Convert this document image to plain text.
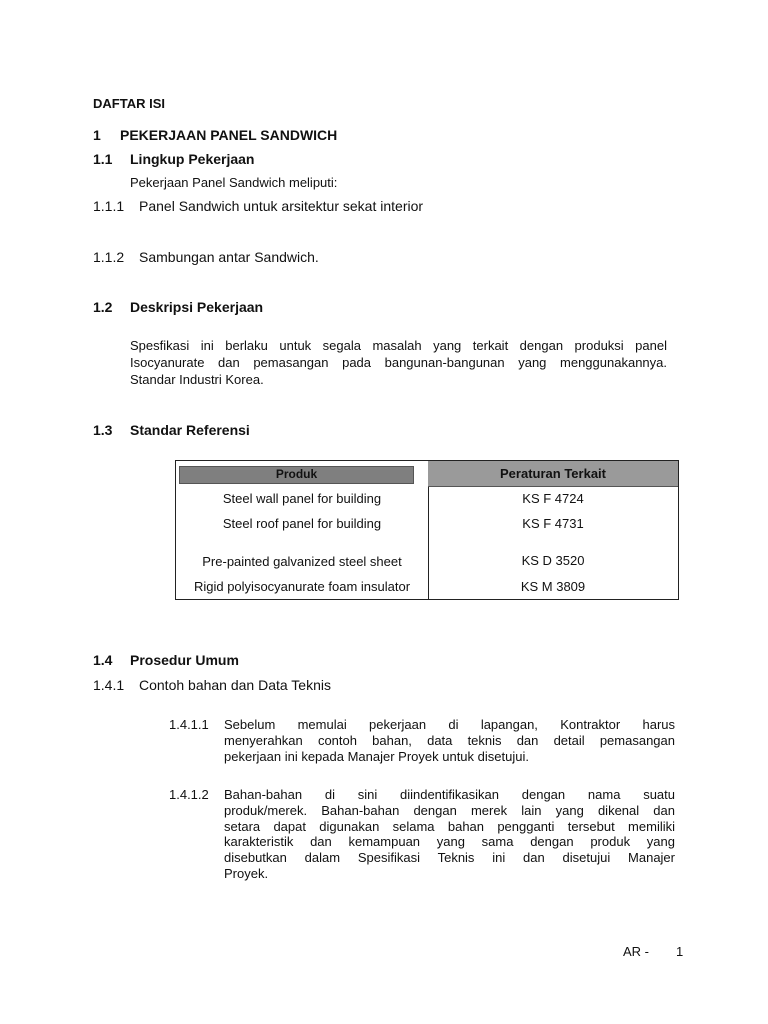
DAFTAR ISI
1 PEKERJAAN PANEL SANDWICH
1.1 Lingkup Pekerjaan
Pekerjaan Panel Sandwich meliputi:
1.1.1 Panel Sandwich untuk arsitektur sekat interior
1.1.2 Sambungan antar Sandwich.
1.2 Deskripsi Pekerjaan
Spesfikasi ini berlaku untuk segala masalah yang terkait dengan produksi panel
Isocyanurate dan pemasangan pada bangunan-bangunan yang menggunakannya.
Standar Industri Korea.
1.3 Standar Referensi
Produk
Steel wall panel for building
Steel roof panel for building
Pre-painted galvanized steel sheet
Rigid polyisocyanurate foam insulator
Peraturan Terkait
KS F 4724
KS F 4731
KS D 3520
KS M 3809
1.4 Prosedur Umum
1.4.1 Contoh bahan dan Data Teknis
1.4.1.1 Sebelum memulai pekerjaan di lapangan, Kontraktor harus
menyerahkan contoh bahan, data teknis dan detail pemasangan
pekerjaan ini kepada Manajer Proyek untuk disetujui.
1.4.1.2 Bahan-bahan di sini diindentifikasikan dengan nama suatu
produk/merek. Bahan-bahan dengan merek lain yang dikenal dan
setara dapat digunakan selama bahan pengganti tersebut memiliki
karakteristik dan kemampuan yang sama dengan produk yang
disebutkan dalam Spesifikasi Teknis ini dan disetujui Manajer
Proyek.
AR - 1
